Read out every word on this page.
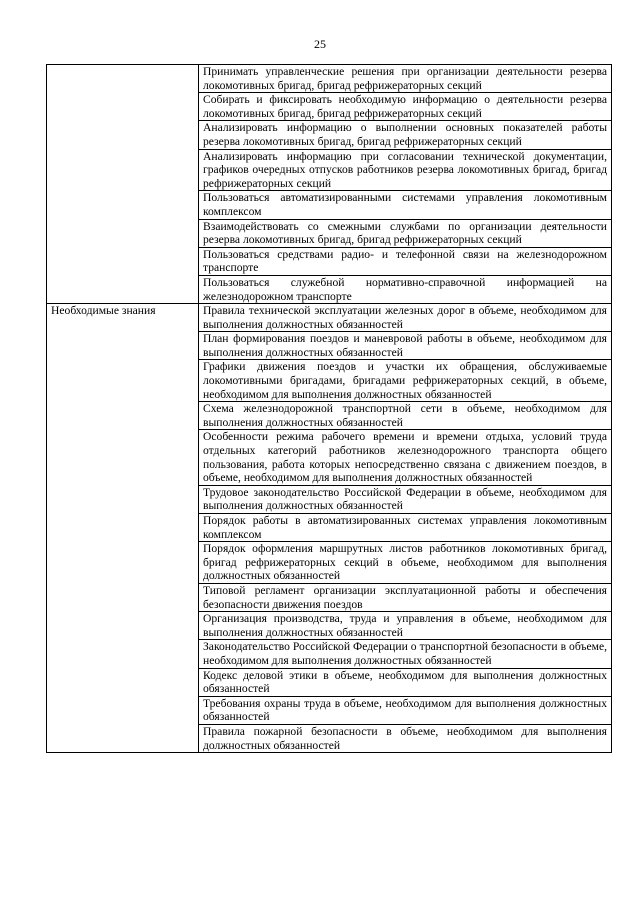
25
	Принимать управленческие решения при организации деятельности резерва локомотивных бригад, бригад рефрижераторных секций
	Собирать и фиксировать необходимую информацию о деятельности резерва локомотивных бригад, бригад рефрижераторных секций
	Анализировать информацию о выполнении основных показателей работы резерва локомотивных бригад, бригад рефрижераторных секций
	Анализировать информацию при согласовании технической документации, графиков очередных отпусков работников резерва локомотивных бригад, бригад рефрижераторных секций
	Пользоваться автоматизированными системами управления локомотивным комплексом
	Взаимодействовать со смежными службами по организации деятельности резерва локомотивных бригад, бригад рефрижераторных секций
	Пользоваться средствами радио- и телефонной связи на железнодорожном транспорте
	Пользоваться служебной нормативно-справочной информацией на железнодорожном транспорте
Необходимые знания	Правила технической эксплуатации железных дорог в объеме, необходимом для выполнения должностных обязанностей
	План формирования поездов и маневровой работы в объеме, необходимом для выполнения должностных обязанностей
	Графики движения поездов и участки их обращения, обслуживаемые локомотивными бригадами, бригадами рефрижераторных секций, в объеме, необходимом для выполнения должностных обязанностей
	Схема железнодорожной транспортной сети в объеме, необходимом для выполнения должностных обязанностей
	Особенности режима рабочего времени и времени отдыха, условий труда отдельных категорий работников железнодорожного транспорта общего пользования, работа которых непосредственно связана с движением поездов, в объеме, необходимом для выполнения должностных обязанностей
	Трудовое законодательство Российской Федерации в объеме, необходимом для выполнения должностных обязанностей
	Порядок работы в автоматизированных системах управления локомотивным комплексом
	Порядок оформления маршрутных листов работников локомотивных бригад, бригад рефрижераторных секций в объеме, необходимом для выполнения должностных обязанностей
	Типовой регламент организации эксплуатационной работы и обеспечения безопасности движения поездов
	Организация производства, труда и управления в объеме, необходимом для выполнения должностных обязанностей
	Законодательство Российской Федерации о транспортной безопасности в объеме, необходимом для выполнения должностных обязанностей
	Кодекс деловой этики в объеме, необходимом для выполнения должностных обязанностей
	Требования охраны труда в объеме, необходимом для выполнения должностных обязанностей
	Правила пожарной безопасности в объеме, необходимом для выполнения должностных обязанностей
